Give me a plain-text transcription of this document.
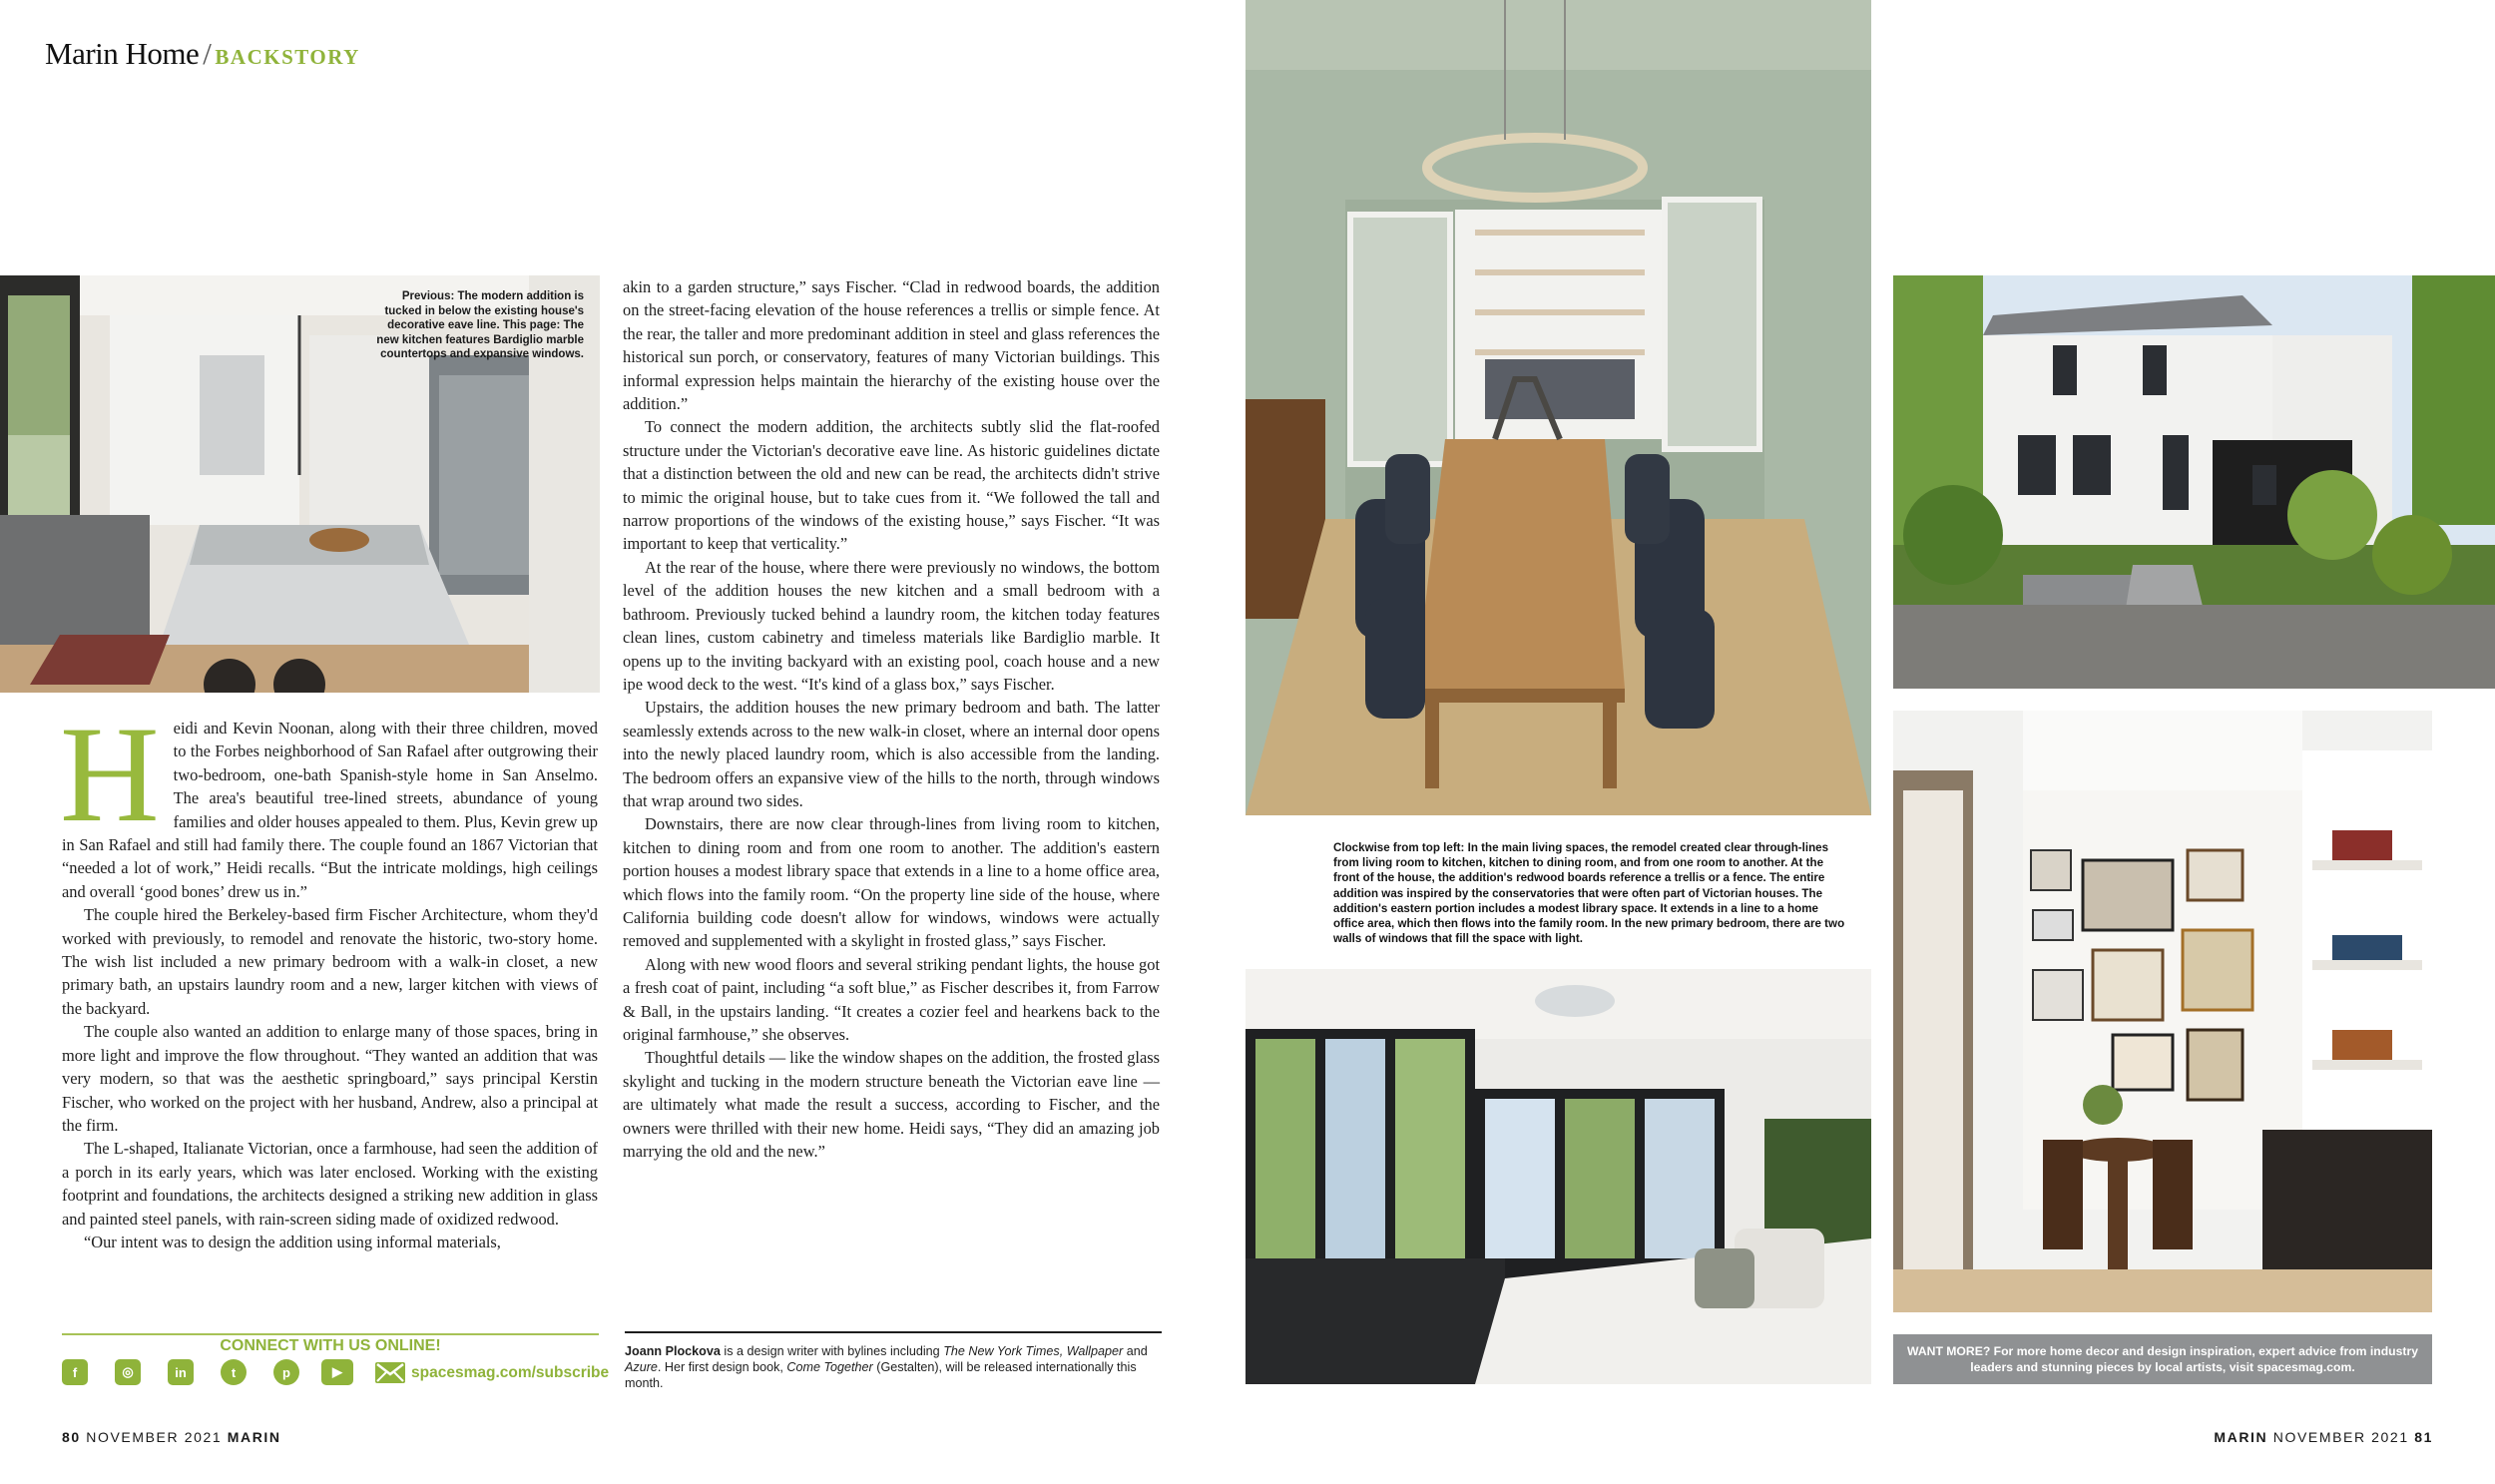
Marin Home / BACKSTORY
Previous: The modern addition is tucked in below the existing house's decorative eave line. This page: The new kitchen features Bardiglio marble countertops and expansive windows.
H eidi and Kevin Noonan, along with their three children, moved to the Forbes neighborhood of San Rafael after outgrowing their two-bedroom, one-bath Spanish-style home in San Anselmo. The area's beautiful tree-lined streets, abundance of young families and older houses appealed to them. Plus, Kevin grew up in San Rafael and still had family there. The couple found an 1867 Victorian that “needed a lot of work,” Heidi recalls. “But the intricate moldings, high ceilings and overall ‘good bones’ drew us in.”

The couple hired the Berkeley-based firm Fischer Architecture, whom they'd worked with previously, to remodel and renovate the historic, two-story home. The wish list included a new primary bedroom with a walk-in closet, a new primary bath, an upstairs laundry room and a new, larger kitchen with views of the backyard.

The couple also wanted an addition to enlarge many of those spaces, bring in more light and improve the flow throughout. “They wanted an addition that was very modern, so that was the aesthetic springboard,” says principal Kerstin Fischer, who worked on the project with her husband, Andrew, also a principal at the firm.

The L-shaped, Italianate Victorian, once a farmhouse, had seen the addition of a porch in its early years, which was later enclosed. Working with the existing footprint and foundations, the architects designed a striking new addition in glass and painted steel panels, with rain-screen siding made of oxidized redwood.

“Our intent was to design the addition using informal materials,

akin to a garden structure,” says Fischer. “Clad in redwood boards, the addition on the street-facing elevation of the house references a trellis or simple fence. At the rear, the taller and more predominant addition in steel and glass references the historical sun porch, or conservatory, features of many Victorian buildings. This informal expression helps maintain the hierarchy of the existing house over the addition.”

To connect the modern addition, the architects subtly slid the flat-roofed structure under the Victorian's decorative eave line. As historic guidelines dictate that a distinction between the old and new can be read, the architects didn't strive to mimic the original house, but to take cues from it. “We followed the tall and narrow proportions of the windows of the existing house,” says Fischer. “It was important to keep that verticality.”

At the rear of the house, where there were previously no windows, the bottom level of the addition houses the new kitchen and a small bedroom with a bathroom. Previously tucked behind a laundry room, the kitchen today features clean lines, custom cabinetry and timeless materials like Bardiglio marble. It opens up to the inviting backyard with an existing pool, coach house and a new ipe wood deck to the west. “It's kind of a glass box,” says Fischer.

Upstairs, the addition houses the new primary bedroom and bath. The latter seamlessly extends across to the new walk-in closet, where an internal door opens into the newly placed laundry room, which is also accessible from the landing. The bedroom offers an expansive view of the hills to the north, through windows that wrap around two sides.

Downstairs, there are now clear through-lines from living room to kitchen, kitchen to dining room and from one room to another. The addition's eastern portion houses a modest library space that extends in a line to a home office area, which flows into the family room. “On the property line side of the house, where California building code doesn't allow for windows, windows were actually removed and supplemented with a skylight in frosted glass,” says Fischer.

Along with new wood floors and several striking pendant lights, the house got a fresh coat of paint, including “a soft blue,” as Fischer describes it, from Farrow & Ball, in the upstairs landing. “It creates a cozier feel and hearkens back to the original farmhouse,” she observes.

Thoughtful details — like the window shapes on the addition, the frosted glass skylight and tucking in the modern structure beneath the Victorian eave line — are ultimately what made the result a success, according to Fischer, and the owners were thrilled with their new home. Heidi says, “They did an amazing job marrying the old and the new.”

Clockwise from top left: In the main living spaces, the remodel created clear through-lines from living room to kitchen, kitchen to dining room, and from one room to another. At the front of the house, the addition's redwood boards reference a trellis or a fence. The entire addition was inspired by the conservatories that were often part of Victorian houses. The addition's eastern portion includes a modest library space. It extends in a line to a home office area, which then flows into the family room. In the new primary bedroom, there are two walls of windows that fill the space with light.
CONNECT WITH US ONLINE!
f	◎	in	t	p	▶	spacesmag.com/subscribe
Joann Plockova is a design writer with bylines including The New York Times, Wallpaper and Azure. Her first design book, Come Together (Gestalten), will be released internationally this month.
WANT MORE? For more home decor and design inspiration, expert advice from industry leaders and stunning pieces by local artists, visit spacesmag.com.
80 NOVEMBER 2021 MARIN	MARIN NOVEMBER 2021 81
